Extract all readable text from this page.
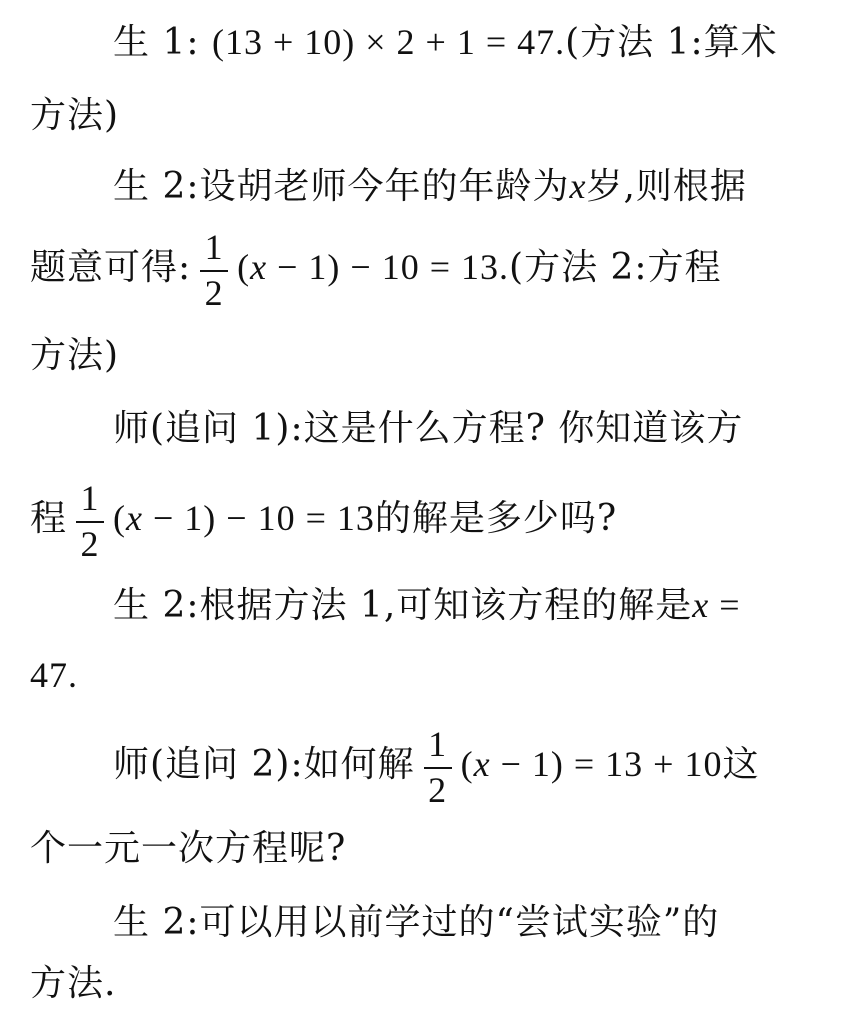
生 1: (13 + 10) × 2 + 1 = 47.(方法 1:算术
方法)
生 2:设胡老师今年的年龄为x岁,则根据
题意可得: $\frac{1}{2} (x - 1) - 10 = 13$.(方法 2:方程
方法)
师(追问 1):这是什么方程? 你知道该方
程 $\frac{1}{2} (x - 1) - 10 = 13$的解是多少吗?
生 2:根据方法 1,可知该方程的解是x =
47.
师(追问 2):如何解 $\frac{1}{2} (x - 1) = 13 + 10$这
个一元一次方程呢?
生 2:可以用以前学过的“尝试实验”的
方法.
